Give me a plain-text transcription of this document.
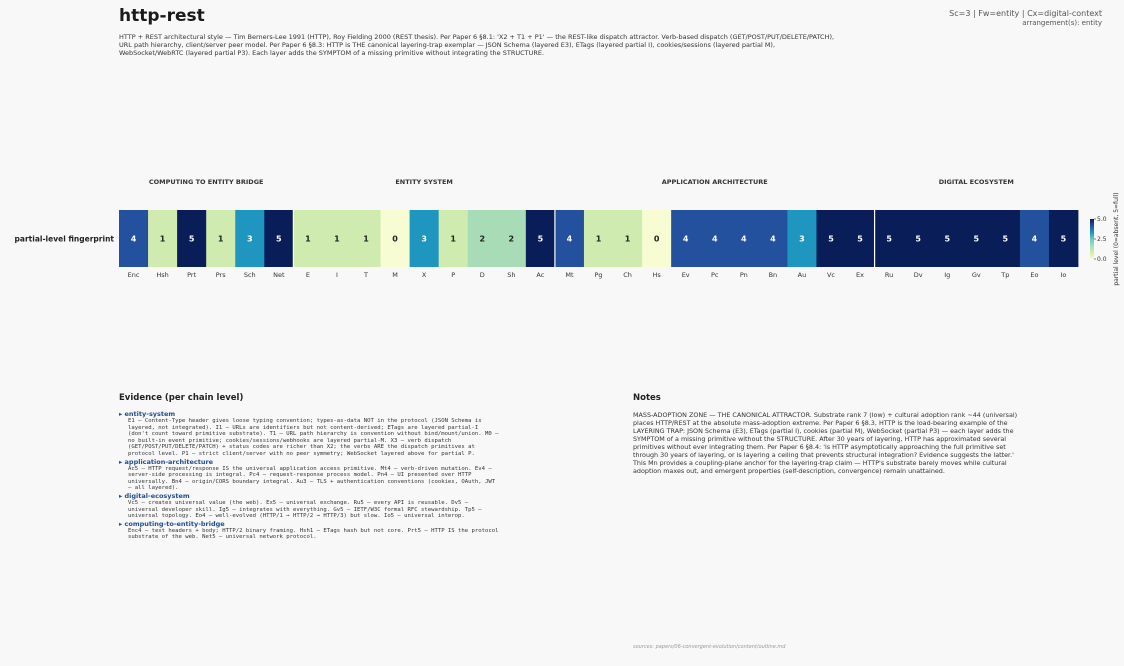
http-rest
HTTP + REST architectural style — Tim Berners-Lee 1991 (HTTP), Roy Fielding 2000 (REST thesis). Per Paper 6 §8.1: 'X2 + T1 + P1' — the REST-like dispatch attractor. Verb-based dispatch (GET/POST/PUT/DELETE/PATCH), URL path hierarchy, client/server peer model. Per Paper 6 §8.3: HTTP is THE canonical layering-trap exemplar — JSON Schema (layered E3), ETags (layered partial I), cookies/sessions (layered partial M), WebSocket/WebRTC (layered partial P3). Each layer adds the SYMPTOM of a missing primitive without integrating the STRUCTURE.
Sc=3 | Fw=entity | Cx=digital-context
arrangement(s): entity
4
Enc
1
Hsh
5
Prt
1
Prs
3
Sch
5
Net
1
E
1
I
1
T
0
M
3
X
1
P
2
D
2
Sh
5
Ac
4
Mt
1
Pg
1
Ch
0
Hs
4
Ev
4
Pc
4
Pn
4
Bn
3
Au
5
Vc
5
Ex
5
Ru
5
Dv
5
Ig
5
Gv
5
Tp
4
Eo
5
Io
COMPUTING TO ENTITY BRIDGE	ENTITY SYSTEM	APPLICATION ARCHITECTURE	DIGITAL ECOSYSTEM
partial-level fingerprint
0.0
2.5
5.0 partial level (0=absent, 5=full)
Evidence (per chain level)
▸ entity-system
E1 — Content-Type header gives loose typing convention; types-as-data NOT in the protocol (JSON Schema is
layered, not integrated). I1 — URLs are identifiers but not content-derived; ETags are layered partial-I
(don't count toward primitive substrate). T1 — URL path hierarchy is convention without bind/mount/union. M0 —
no built-in event primitive; cookies/sessions/webhooks are layered partial-M. X3 — verb dispatch
(GET/POST/PUT/DELETE/PATCH) + status codes are richer than X2; the verbs ARE the dispatch primitives at
protocol level. P1 — strict client/server with no peer symmetry; WebSocket layered above for partial P.
▸ application-architecture
Ac5 — HTTP request/response IS the universal application access primitive. Mt4 — verb-driven mutation. Ev4 —
server-side processing is integral. Pc4 — request-response process model. Pn4 — UI presented over HTTP
universally. Bn4 — origin/CORS boundary integral. Au3 — TLS + authentication conventions (cookies, OAuth, JWT
— all layered).
▸ digital-ecosystem
Vc5 — creates universal value (the web). Ex5 — universal exchange. Ru5 — every API is reusable. Dv5 —
universal developer skill. Ig5 — integrates with everything. Gv5 — IETF/W3C formal RFC stewardship. Tp5 —
universal topology. Eo4 — well-evolved (HTTP/1 → HTTP/2 → HTTP/3) but slow. Io5 — universal interop.
▸ computing-to-entity-bridge
Enc4 — text headers + body; HTTP/2 binary framing. Hsh1 — ETags hash but not core. Prt5 — HTTP IS the protocol
substrate of the web. Net5 — universal network protocol.
Notes
MASS-ADOPTION ZONE — THE CANONICAL ATTRACTOR. Substrate rank 7 (low) + cultural adoption rank ~44 (universal) places HTTP/REST at the absolute mass-adoption extreme. Per Paper 6 §8.3, HTTP is the load-bearing example of the LAYERING TRAP: JSON Schema (E3), ETags (partial I), cookies (partial M), WebSocket (partial P3) — each layer adds the SYMPTOM of a missing primitive without the STRUCTURE. After 30 years of layering, HTTP has approximated several primitives without ever integrating them. Per Paper 6 §8.4: 'is HTTP asymptotically approaching the full primitive set through 30 years of layering, or is layering a ceiling that prevents structural integration? Evidence suggests the latter.' This Mn provides a coupling-plane anchor for the layering-trap claim — HTTP's substrate barely moves while cultural adoption maxes out, and emergent properties (self-description, convergence) remain unattained.
sources: papers/06-convergent-evolution/content/outline.md
